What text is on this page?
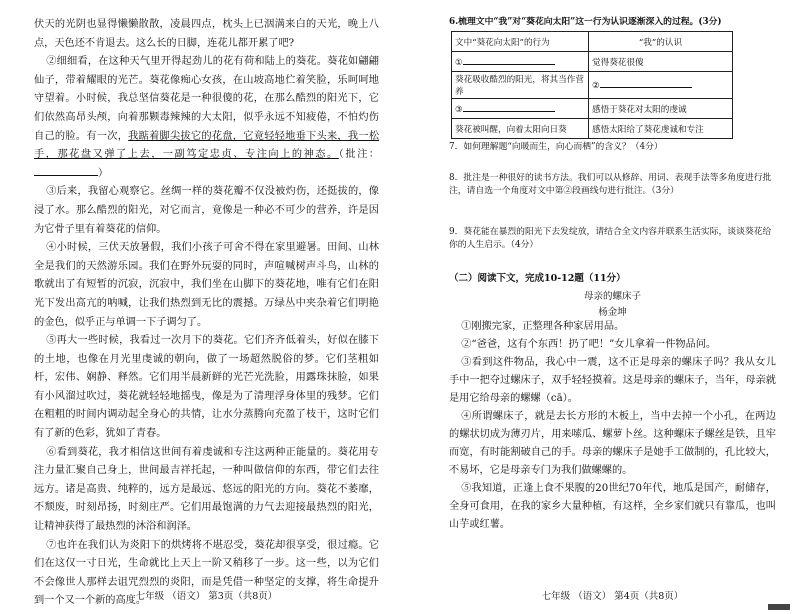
伏天的光阴也显得懒懒散散，凌晨四点，枕头上已洇满来白的天光，晚上八点，天色还不肯退去。这么长的日脚，连花儿都开累了吧?

②细细看，在这种天气里开得起劲儿的花有荷和陆上的葵花。葵花如翩翩仙子，带着耀眼的光芒。葵花像痴心女孩，在山坡高地伫着笑脸，乐呵呵地守望着。小时候，我总坚信葵花是一种很傻的花，在那么酷烈的阳光下，它们依然高昂头颅，向着那颗毒辣辣的大太阳，似乎永远不知疲倦，不怕灼伤自己的脸。有一次，我踮着脚尖拔它的花盘，它竟轻轻地垂下头来，我一松手，那花盘又弹了上去，一副笃定忠贞、专注向上的神态。（批注：）

③后来，我留心观察它。丝绸一样的葵花瓣不仅没被灼伤，还挺拔的，像浸了水。那么酷烈的阳光，对它而言，竟像是一种必不可少的营养，许是因为它骨子里有着葵花的信仰。

④小时候，三伏天放暑假，我们小孩子可舍不得在家里避暑。田间、山林全是我们的天然游乐园。我们在野外玩耍的同时，声喧喊树声斗鸟，山林的歌就出了有短暂的沉寂，沉寂中，我们坐在山脚下的葵花地，唯有它们在阳光下发出高亢的呐喊，让我们热烈到无比的震撼。万绿丛中夹杂着它们明艳的金色，似乎正与单调一下子调匀了。

⑤再大一些时候，我看过一次月下的葵花。它们齐齐低着头，好似在膝下的土地，也像在月光里虔诚的朝向，做了一场超然脱俗的梦。它们茎粗如杆，宏伟、娴静、释然。它们用半晨新鲜的光芒光洗脸，用露珠抹脸，如果有小风溜过吹过，葵花就轻轻地摇曳，像是为了清理浮身体里的残梦。它们在粗粗的时间内调动起全身心的共情，让水分蒸腾向充盈了枝干，这时它们有了新的色彩，犹如了青春。

⑥看到葵花，我才相信这世间有着虔诚和专注这两种正能量的。葵花用专注力量汇聚自己身上，世间最吉祥托起，一种叫做信仰的东西，带它们去往远方。诸是高贵、纯粹的，远方是最远、悠远的阳光的方向。葵花不萎靡，不颓废，时刻昂扬，时刻庄严。它们用最饱满的力气去迎接最热烈的阳光，让精神获得了最热烈的沐浴和润泽。

⑦也许在我们认为炎阳下的烘烤将不堪忍受，葵花却很享受，很过瘾。它们在这仅一寸日光，生命就比上天上一阶又稍移了一步。这一些，以为它们不会像世人那样去诅咒烈烈的炎阳，而是凭借一种坚定的支撑，将生命提升到一个又一个新的高度。

七年级 （语文） 第3页（共8页）

6.梳理文中“我”对“葵花向太阳”这一行为认识逐渐深入的过程。(3分)

文中“葵花向太阳”的行为	“我”的认识
①	觉得葵花很傻
葵花吸收酷烈的阳光，将其当作营养	②
③	感悟于葵花对太阳的虔诚
葵花被叫醒，向着太阳向日葵	感悟太阳给了葵花虔诚和专注

7．如何理解题“向暖而生，向心而栖”的含义？（4分）

8．批注是一种很好的读书方法。我们可以从修辞、用词、表现手法等多角度进行批注，请自选一个角度对文中第②段画线句进行批注。（3分）

9．葵花能在暴烈的阳光下去发绽放，请结合全文内容并联系生活实际，谈谈葵花给你的人生启示。（4分）

（二）阅读下文，完成10-12题（11分）

母亲的螺床子

杨金坤

①刚搬完家，正整理各种家居用品。

②“爸爸，这有个东西！扔了吧！”女儿拿着一件物品问。

③看到这件物品，我心中一震，这不正是母亲的螺床子吗？我从女儿手中一把夺过螺床子，双手轻轻摸着。这是母亲的螺床子，当年，母亲就是用它给母亲的螺螺（cā）。

④所谓螺床子，就是去长方形的木板上，当中去掉一个小孔，在两边的螺状切成为薄刃片，用来嗦瓜、螺萝卜丝。这种螺床子螺丝是铁，且牢而宽，有时能割破自己的手。母亲的螺床子是她手工做制的，孔比较大，不易坏，它是母亲专门为我们做螺螺的。

⑤我知道，正逢上食不果腹的20世纪70年代，地瓜是国产，耐储存，全身可食用，在我的家乡大量种植，有这样，全乡家们就只有靠瓜，也叫山芋或红薯。

七年级 （语文） 第4页（共8页）
